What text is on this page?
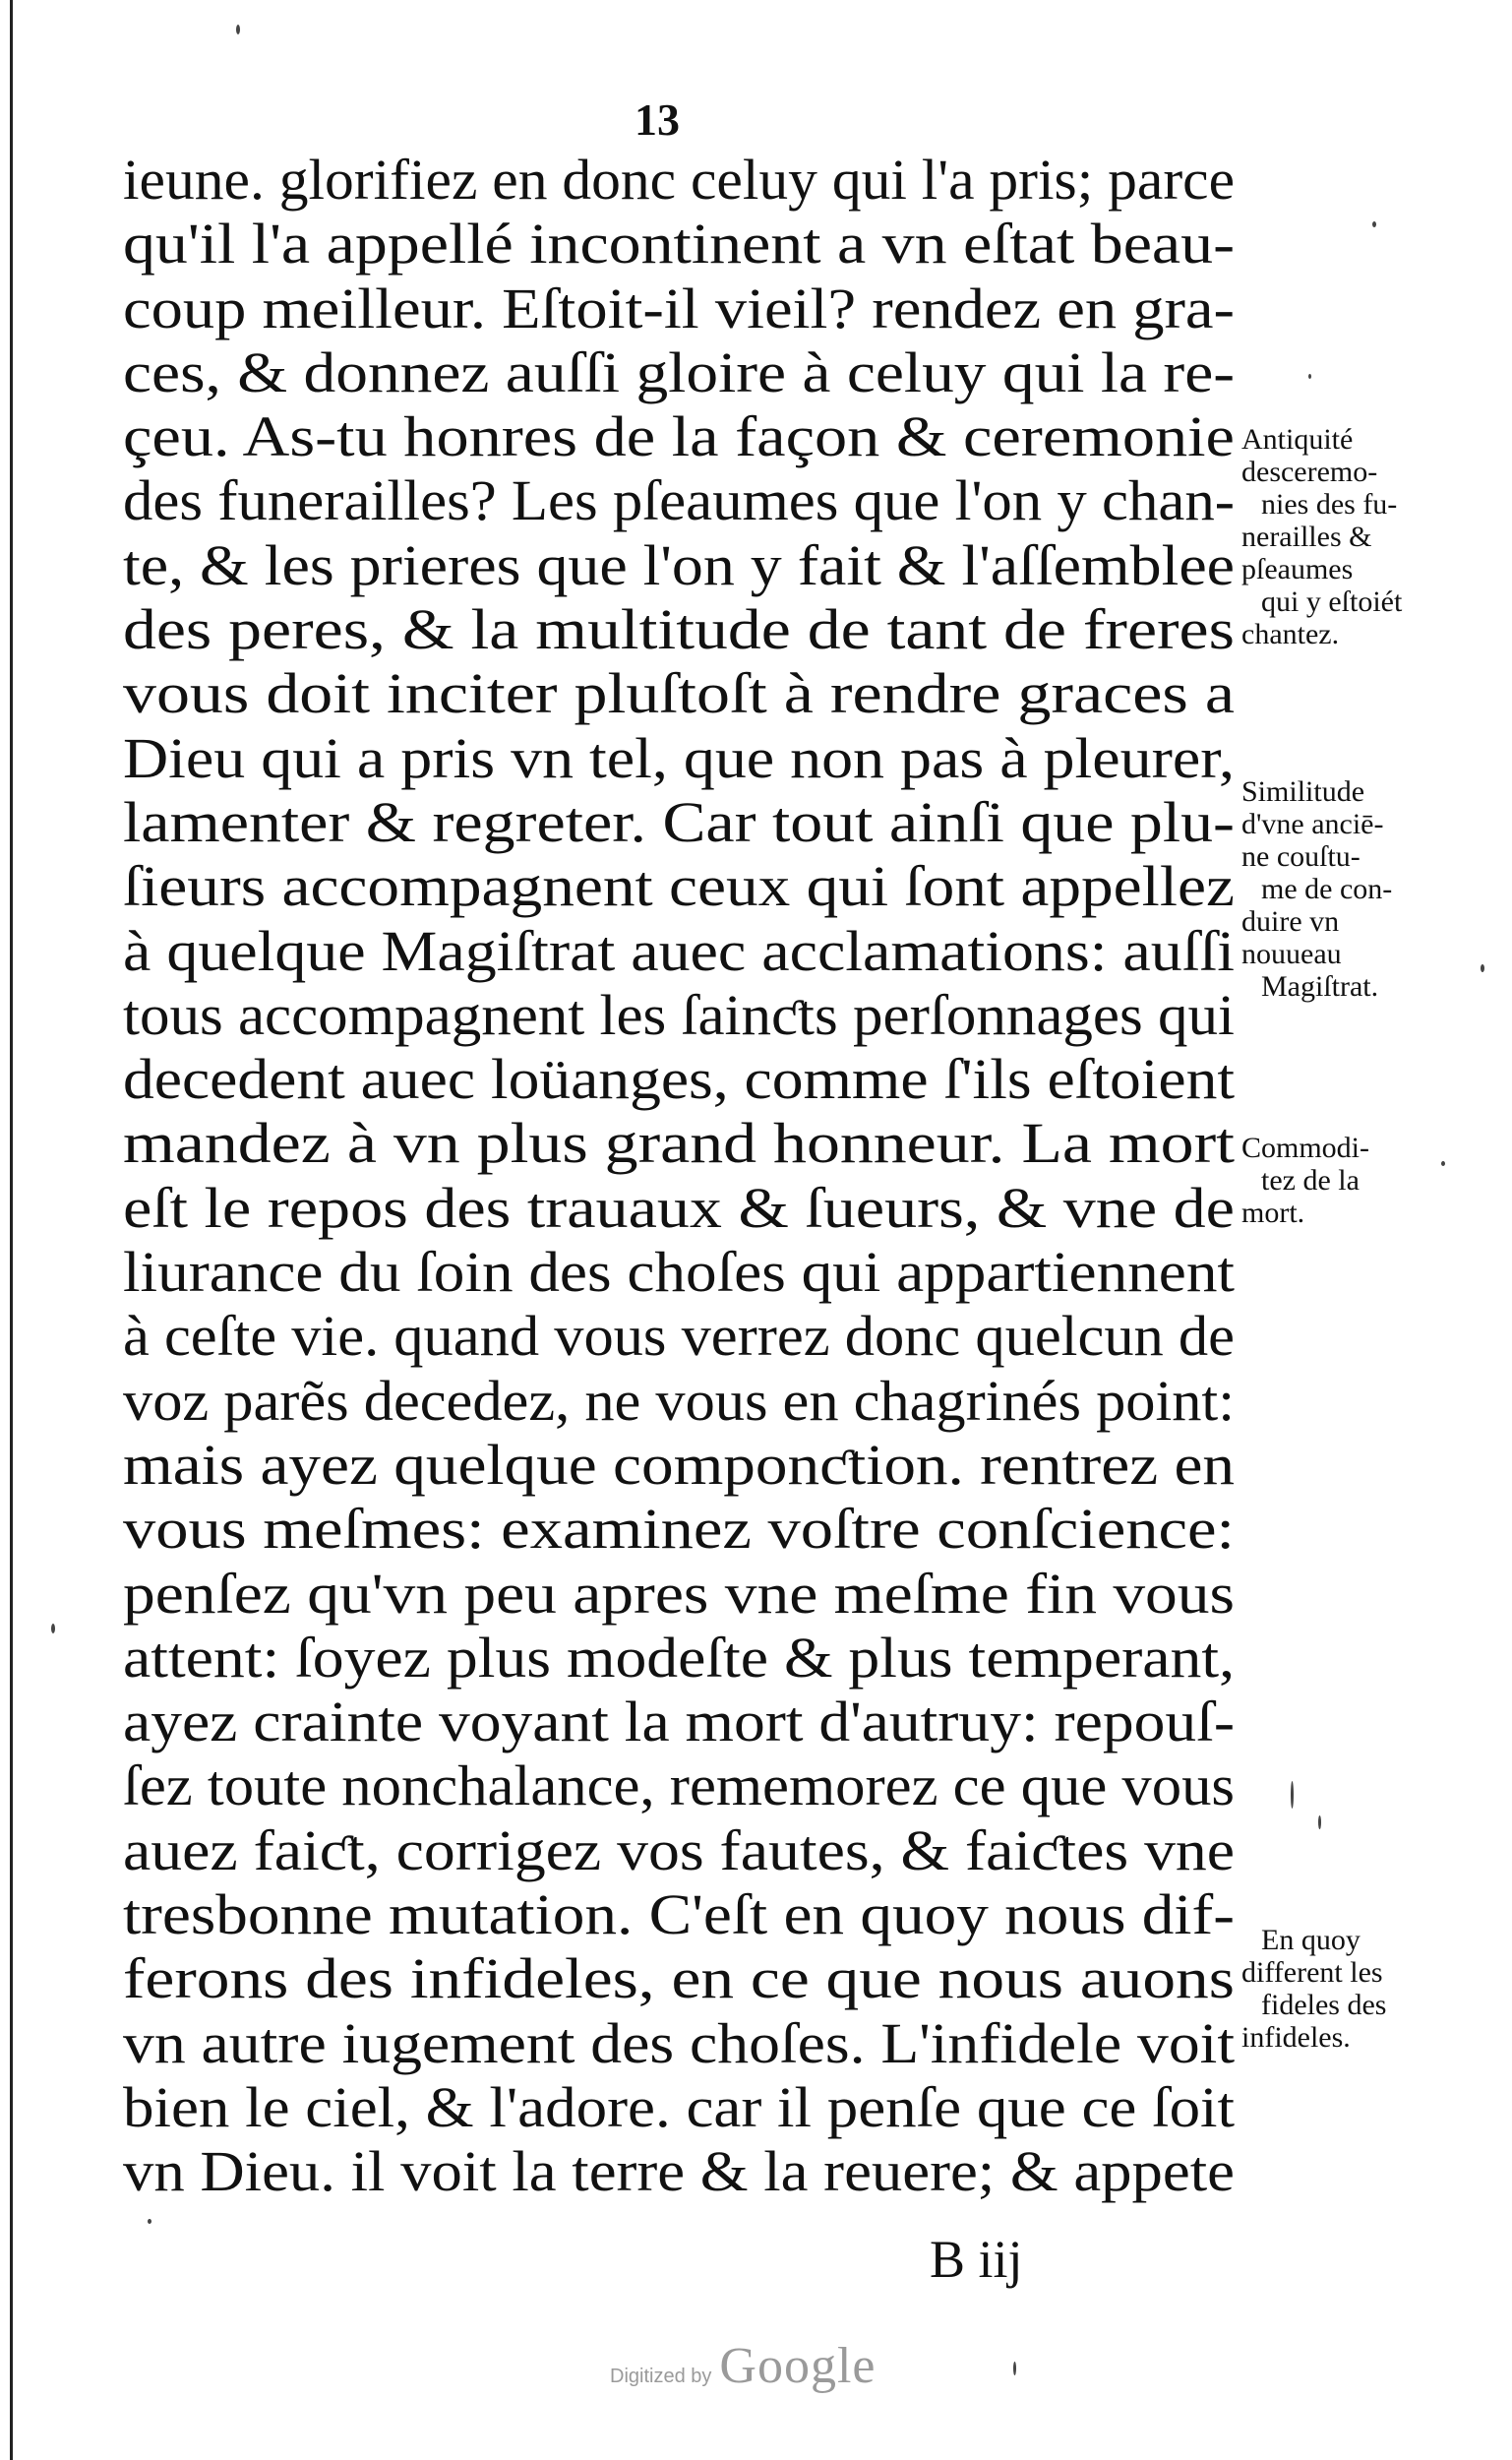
13
ieune. glorifiez en donc celuy qui l'a pris; parce
qu'il l'a appellé incontinent a vn eſtat beau-
coup meilleur. Eſtoit-il vieil? rendez en gra-
ces, & donnez auſſi gloire à celuy qui la re-
çeu. As-tu honres de la façon & ceremonie
des funerailles? Les pſeaumes que l'on y chan-
te, & les prieres que l'on y fait & l'aſſemblee
des peres, & la multitude de tant de freres
vous doit inciter pluſtoſt à rendre graces a
Dieu qui a pris vn tel, que non pas à pleurer,
lamenter & regreter. Car tout ainſi que plu-
ſieurs accompagnent ceux qui ſont appellez
à quelque Magiſtrat auec acclamations: auſſi
tous accompagnent les ſainƈts perſonnages qui
decedent auec loüanges, comme ſ'ils eſtoient
mandez à vn plus grand honneur. La mort
eſt le repos des trauaux & ſueurs, & vne de
liurance du ſoin des choſes qui appartiennent
à ceſte vie. quand vous verrez donc quelcun de
voz parẽs decedez, ne vous en chagrinés point:
mais ayez quelque componƈtion. rentrez en
vous meſmes: examinez voſtre conſcience:
penſez qu'vn peu apres vne meſme fin vous
attent: ſoyez plus modeſte & plus temperant,
ayez crainte voyant la mort d'autruy: repouſ-
ſez toute nonchalance, rememorez ce que vous
auez faiƈt, corrigez vos fautes, & faiƈtes vne
tresbonne mutation. C'eſt en quoy nous dif-
ferons des infideles, en ce que nous auons
vn autre iugement des choſes. L'infidele voit
bien le ciel, & l'adore. car il penſe que ce ſoit
vn Dieu. il voit la terre & la reuere; & appete
Antiquité
desceremo-
nies des fu-
nerailles &
pſeaumes
qui y eſtoiét
chantez.
Similitude
d'vne anciē-
ne couſtu-
me de con-
duire vn
nouueau
Magiſtrat.
Commodi-
tez de la
mort.
En quoy
different les
fideles des
infideles.
B iij
Digitized by Google
